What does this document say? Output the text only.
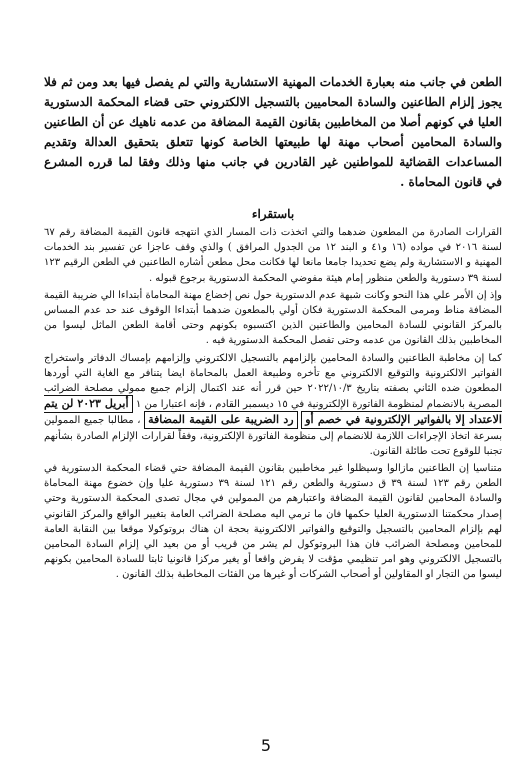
الطعن في جانب منه بعبارة الخدمات المهنية الاستشارية والتي لم يفصل فيها بعد ومن ثم فلا يجوز إلزام الطاعنين والسادة المحاميين بالتسجيل الالكتروني حتى قضاء المحكمة الدستورية العليا في كونهم أصلا من المخاطبين بقانون القيمة المضافة من عدمه ناهيك عن أن الطاعنين والسادة المحامين أصحاب مهنة لها طبيعتها الخاصة كونها تتعلق بتحقيق العدالة وتقديم المساعدات القضائية للمواطنين غير القادرين في جانب منها وذلك وفقا لما قرره المشرع في قانون المحاماة .

باستقراء

القرارات الصادرة من المطعون ضدهما والتي اتخذت ذات المسار الذي انتهجه قانون القيمة المضافة رقم ٦٧ لسنة ٢٠١٦ في مواده (١٦ و٤١ و البند ١٢ من الجدول المرافق ) والذي وقف عاجزا عن تفسير بند الخدمات المهنية و الاستشارية ولم يضع تحديدا جامعا مانعا لها فكانت محل مطعن أشاره الطاعنين في الطعن الرقيم ١٢٣ لسنة ٣٩ دستورية والطعن منظور إمام هيئة مفوضي المحكمة الدستورية برجوع قبوله .

وإذ إن الأمر علي هذا النحو وكانت شبهة عدم الدستورية حول نص إخضاع مهنة المحاماة أبتداءا الي ضريبة القيمة المضافة مناط ومرمى المحكمة الدستورية فكان أولي بالمطعون ضدهما أبتداءا الوقوف عند حد عدم المساس بالمركز القانوني للسادة المحامين والطاعنين الذين اكتسبوه بكونهم وحتى أقامة الطعن الماثل ليسوا من المخاطبين بذلك القانون من عدمه وحتى تفصل المحكمة الدستورية فيه .

كما إن مخاطبة الطاعنين والسادة المحامين بإلزامهم بالتسجيل الالكتروني وإلزامهم بإمساك الدفاتر واستخراج الفواتير الالكترونية والتوقيع الالكتروني مع تأخره وطبيعة العمل بالمحاماة ايضا يتنافر مع الغاية التي أوردها المطعون ضده الثاني بصفته بتاريخ ٢٠٢٢/١٠/٣ حين قرر أنه عند اكتمال إلزام جميع ممولي مصلحة الضرائب المصرية بالانضمام لمنظومة الفاتورة الإلكترونية في ١٥ ديسمبر القادم ، فإنه اعتبارا من ١ أبريل ٢٠٢٣ لن يتم الاعتداد إلا بالفواتير الإلكترونية في خصم أو رد الضريبة على القيمة المضافة ، مطالبا جميع الممولين بسرعة اتخاذ الإجراءات اللازمة للانضمام إلى منظومة الفاتورة الإلكترونية، وفقاً لقرارات الإلزام الصادرة بشأنهم تجنبا للوقوع تحت طائلة القانون.

متناسيا إن الطاعنين مازالوا وسيظلوا غير مخاطبين بقانون القيمة المضافة حتي قضاء المحكمة الدستورية في الطعن رقم ١٢٣ لسنة ٣٩ ق دستورية والطعن رقم ١٢١ لسنة ٣٩ دستورية عليا وإن خضوع مهنة المحاماة والسادة المحامين لقانون القيمة المضافة واعتبارهم من الممولين في مجال تصدى المحكمة الدستورية وحتي إصدار محكمتنا الدستورية العليا حكمها فان ما ترمي اليه مصلحة الضرائب العامة بتغيير الواقع والمركز القانوني لهم بإلزام المحامين بالتسجيل والتوقيع والفواتير الالكترونية بحجة ان هناك بروتوكولا موقعا بين النقابة العامة للمحامين ومصلحة الضرائب فان هذا البروتوكول لم يشر من قريب أو من بعيد الي إلزام السادة المحامين بالتسجيل الالكتروني وهو امر تنظيمي مؤقت لا يفرض واقعا أو يغير مركزا قانونيا ثابتا للسادة المحامين بكونهم ليسوا من التجار او المقاولين أو أصحاب الشركات أو غيرها من الفئات المخاطبة بذلك القانون .

5
